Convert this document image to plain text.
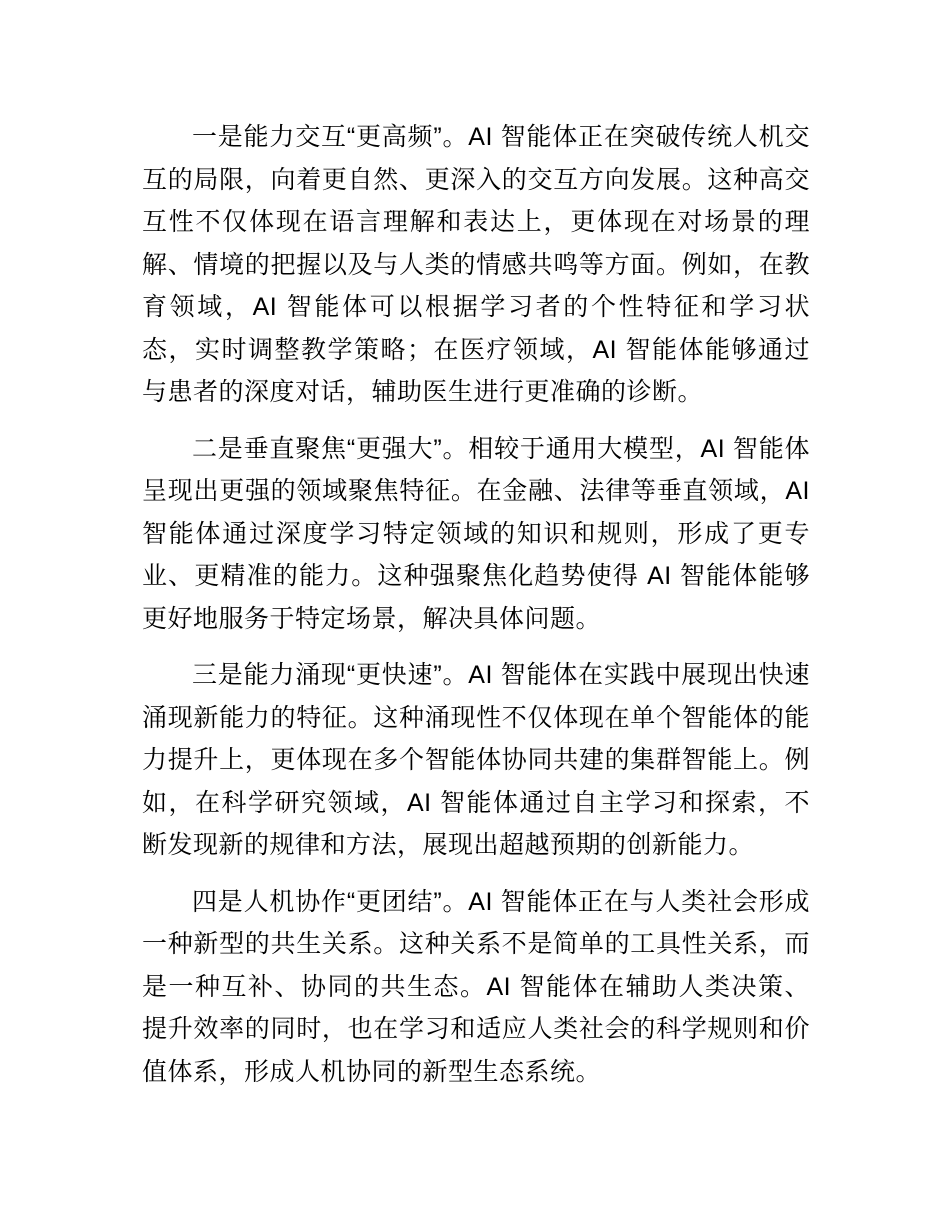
一是能力交互“更高频”。AI 智能体正在突破传统人机交互的局限，向着更自然、更深入的交互方向发展。这种高交互性不仅体现在语言理解和表达上，更体现在对场景的理解、情境的把握以及与人类的情感共鸣等方面。例如，在教育领域，AI 智能体可以根据学习者的个性特征和学习状态，实时调整教学策略；在医疗领域，AI 智能体能够通过与患者的深度对话，辅助医生进行更准确的诊断。

二是垂直聚焦“更强大”。相较于通用大模型，AI 智能体呈现出更强的领域聚焦特征。在金融、法律等垂直领域，AI 智能体通过深度学习特定领域的知识和规则，形成了更专业、更精准的能力。这种强聚焦化趋势使得 AI 智能体能够更好地服务于特定场景，解决具体问题。

三是能力涌现“更快速”。AI 智能体在实践中展现出快速涌现新能力的特征。这种涌现性不仅体现在单个智能体的能力提升上，更体现在多个智能体协同共建的集群智能上。例如，在科学研究领域，AI 智能体通过自主学习和探索，不断发现新的规律和方法，展现出超越预期的创新能力。

四是人机协作“更团结”。AI 智能体正在与人类社会形成一种新型的共生关系。这种关系不是简单的工具性关系，而是一种互补、协同的共生态。AI 智能体在辅助人类决策、提升效率的同时，也在学习和适应人类社会的科学规则和价值体系，形成人机协同的新型生态系统。
